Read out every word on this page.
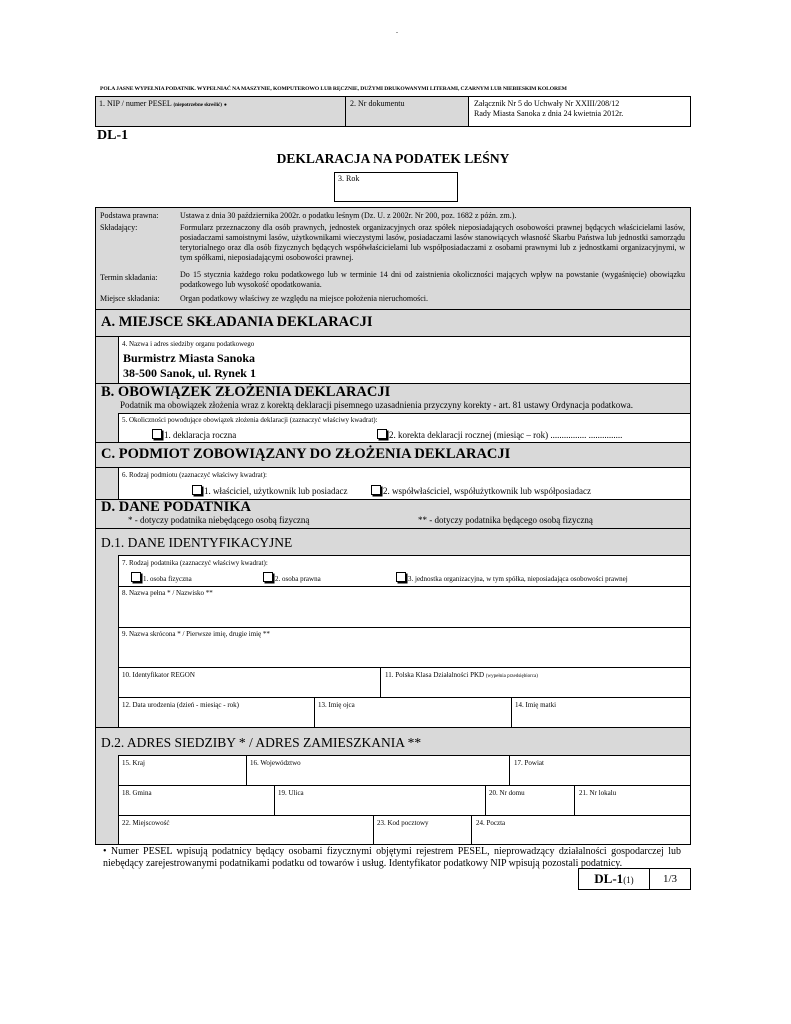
.
POLA JASNE WYPEŁNIA PODATNIK. WYPEŁNIAĆ NA MASZYNIE, KOMPUTEROWO LUB RĘCZNIE, DUŻYMI DRUKOWANYMI LITERAMI, CZARNYM LUB NIEBIESKIM KOLOREM
1. NIP / numer PESEL (niepotrzebne skreślić) ●	2. Nr dokumentu	Załącznik Nr 5 do Uchwały Nr XXIII/208/12
Rady Miasta Sanoka z dnia 24 kwietnia 2012r.
DL-1
DEKLARACJA NA PODATEK LEŚNY
3. Rok
Podstawa prawna:	Ustawa z dnia 30 października 2002r. o podatku leśnym (Dz. U. z 2002r. Nr 200, poz. 1682 z późn. zm.).
Składający:	Formularz przeznaczony dla osób prawnych, jednostek organizacyjnych oraz spółek nieposiadających osobowości prawnej będących właścicielami lasów, posiadaczami samoistnymi lasów, użytkownikami wieczystymi lasów, posiadaczami lasów stanowiących własność Skarbu Państwa lub jednostki samorządu terytorialnego oraz dla osób fizycznych będących współwłaścicielami lub współposiadaczami z osobami prawnymi lub z jednostkami organizacyjnymi, w tym spółkami, nieposiadającymi osobowości prawnej.
Termin składania:	Do 15 stycznia każdego roku podatkowego lub w terminie 14 dni od zaistnienia okoliczności mających wpływ na powstanie (wygaśnięcie) obowiązku podatkowego lub wysokość opodatkowania.
Miejsce składania:	Organ podatkowy właściwy ze względu na miejsce położenia nieruchomości.
A. MIEJSCE SKŁADANIA DEKLARACJI
4. Nazwa i adres siedziby organu podatkowego
Burmistrz Miasta Sanoka
38-500 Sanok, ul. Rynek 1
B. OBOWIĄZEK ZŁOŻENIA DEKLARACJI
Podatnik ma obowiązek złożenia wraz z korektą deklaracji pisemnego uzasadnienia przyczyny korekty - art. 81 ustawy Ordynacja podatkowa.
5. Okoliczności powodujące obowiązek złożenia deklaracji (zaznaczyć właściwy kwadrat):
1. deklaracja roczna	2. korekta deklaracji rocznej (miesiąc – rok) ................ ...............
C. PODMIOT ZOBOWIĄZANY DO ZŁOŻENIA DEKLARACJI
6. Rodzaj podmiotu (zaznaczyć właściwy kwadrat):
1. właściciel, użytkownik lub posiadacz	2. współwłaściciel, współużytkownik lub współposiadacz
D. DANE PODATNIKA
* - dotyczy podatnika niebędącego osobą fizyczną	** - dotyczy podatnika będącego osobą fizyczną
D.1. DANE IDENTYFIKACYJNE
7. Rodzaj podatnika (zaznaczyć właściwy kwadrat):
1. osoba fizyczna	2. osoba prawna	3. jednostka organizacyjna, w tym spółka, nieposiadająca osobowości prawnej
8. Nazwa pełna * / Nazwisko **
9. Nazwa skrócona * / Pierwsze imię, drugie imię **
10. Identyfikator REGON	11. Polska Klasa Działalności PKD (wypełnia przedsiębiorca)
12. Data urodzenia (dzień - miesiąc - rok)	13. Imię ojca	14. Imię matki
D.2. ADRES SIEDZIBY * / ADRES ZAMIESZKANIA **
15. Kraj	16. Województwo	17. Powiat
18. Gmina	19. Ulica	20. Nr domu	21. Nr lokalu
22. Miejscowość	23. Kod pocztowy	24. Poczta
• Numer PESEL wpisują podatnicy będący osobami fizycznymi objętymi rejestrem PESEL, nieprowadzący działalności gospodarczej lub niebędący zarejestrowanymi podatnikami podatku od towarów i usług. Identyfikator podatkowy NIP wpisują pozostali podatnicy.
DL-1(1)	1/3
